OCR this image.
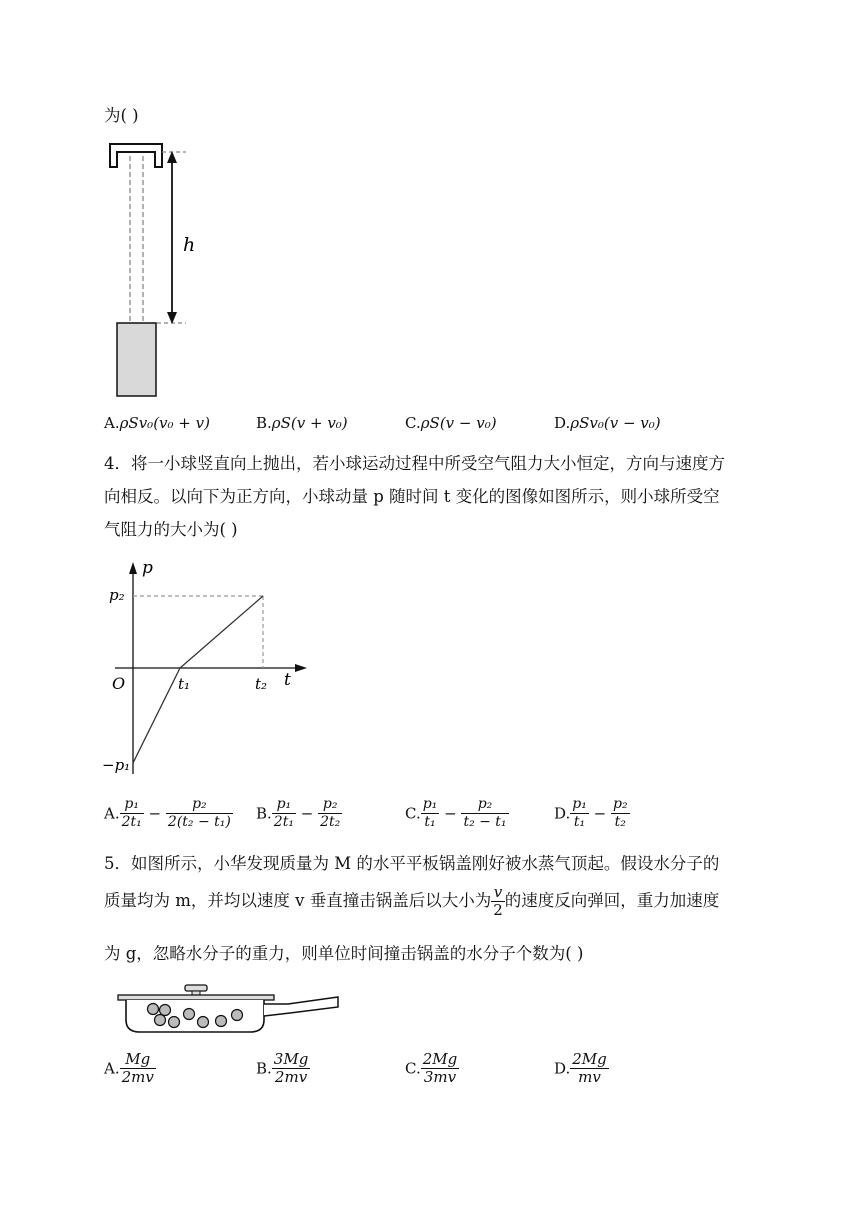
为( )
h
A.ρSv₀(v₀ + v)	B.ρS(v + v₀)	C.ρS(v − v₀)	D.ρSv₀(v − v₀)
4．将一小球竖直向上抛出，若小球运动过程中所受空气阻力大小恒定，方向与速度方
向相反。以向下为正方向，小球动量 p 随时间 t 变化的图像如图所示，则小球所受空
气阻力的大小为( )
p
t
O
p₂
−p₁
t₁	t₂
A. $\frac{\text{p₁}}{\text{2t₁}} - \frac{\text{p₂}}{\text{2(t₂ − t₁)}} B$. $\frac{\text{p₁}}{\text{2t₁}} - \frac{\text{p₂}}{\text{2t₂}}$	C. $\frac{\text{p₁}}{\text{t₁}} - \frac{\text{p₂}}{\text{t₂ − t₁}}$	D. $\frac{\text{p₁}}{\text{t₁}} - \frac{\text{p₂}}{\text{t₂}}$
5．如图所示，小华发现质量为 M 的水平平板锅盖刚好被水蒸气顶起。假设水分子的
质量均为 m，并均以速度 v 垂直撞击锅盖后以大小为 $\frac{v}{2}$ 的速度反向弹回，重力加速度
为 g，忽略水分子的重力，则单位时间撞击锅盖的水分子个数为( )
A. $\frac{Mg}{2mv}$	B. $\frac{3Mg}{2mv}$	C. $\frac{2Mg}{3mv}$	D. $\frac{2Mg}{mv}$
